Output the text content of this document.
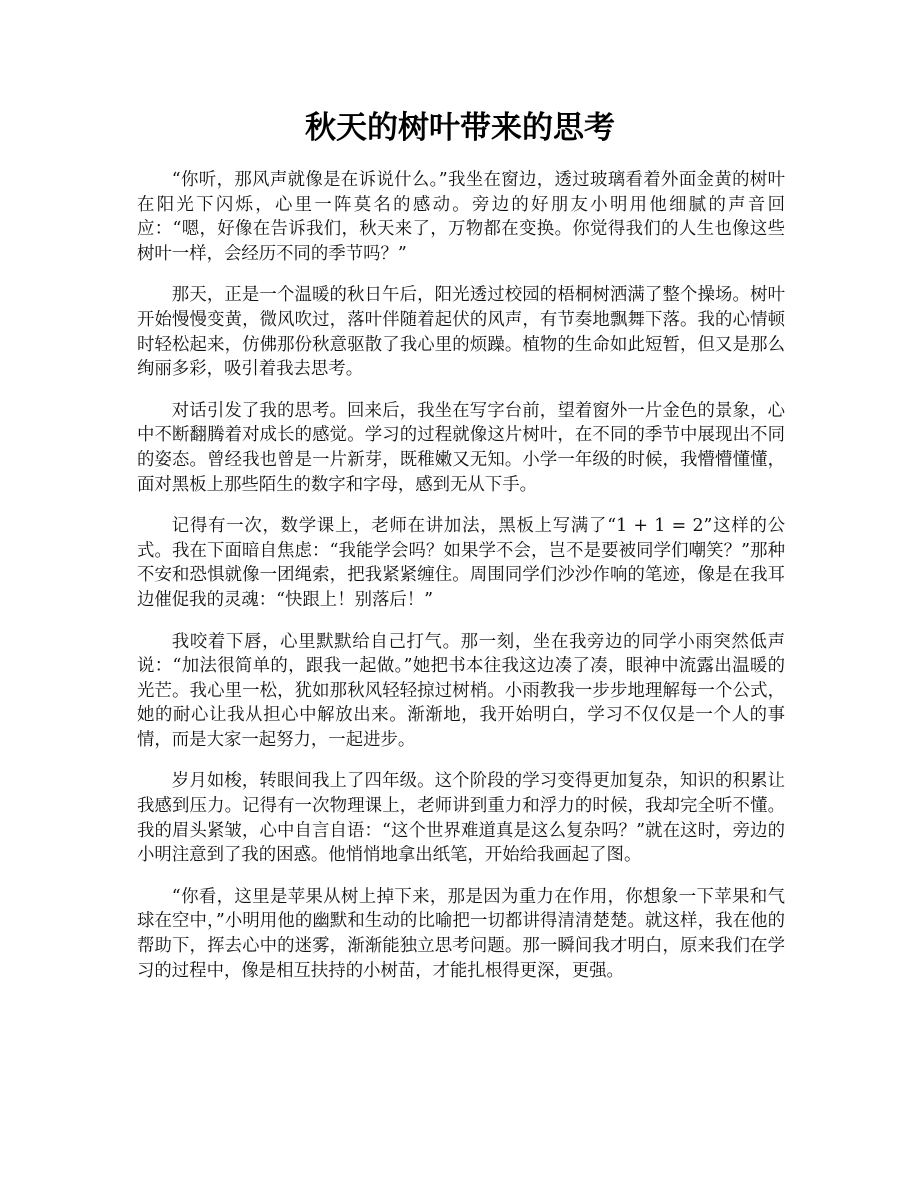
秋天的树叶带来的思考

“你听，那风声就像是在诉说什么。”我坐在窗边，透过玻璃看着外面金黄的树叶在阳光下闪烁，心里一阵莫名的感动。旁边的好朋友小明用他细腻的声音回应：“嗯，好像在告诉我们，秋天来了，万物都在变换。你觉得我们的人生也像这些树叶一样，会经历不同的季节吗？”

那天，正是一个温暖的秋日午后，阳光透过校园的梧桐树洒满了整个操场。树叶开始慢慢变黄，微风吹过，落叶伴随着起伏的风声，有节奏地飘舞下落。我的心情顿时轻松起来，仿佛那份秋意驱散了我心里的烦躁。植物的生命如此短暂，但又是那么绚丽多彩，吸引着我去思考。

对话引发了我的思考。回来后，我坐在写字台前，望着窗外一片金色的景象，心中不断翻腾着对成长的感觉。学习的过程就像这片树叶，在不同的季节中展现出不同的姿态。曾经我也曾是一片新芽，既稚嫩又无知。小学一年级的时候，我懵懵懂懂，面对黑板上那些陌生的数字和字母，感到无从下手。

记得有一次，数学课上，老师在讲加法，黑板上写满了“1 + 1 = 2”这样的公式。我在下面暗自焦虑：“我能学会吗？如果学不会，岂不是要被同学们嘲笑？”那种不安和恐惧就像一团绳索，把我紧紧缠住。周围同学们沙沙作响的笔迹，像是在我耳边催促我的灵魂：“快跟上！别落后！”

我咬着下唇，心里默默给自己打气。那一刻，坐在我旁边的同学小雨突然低声说：“加法很简单的，跟我一起做。”她把书本往我这边凑了凑，眼神中流露出温暖的光芒。我心里一松，犹如那秋风轻轻掠过树梢。小雨教我一步步地理解每一个公式，她的耐心让我从担心中解放出来。渐渐地，我开始明白，学习不仅仅是一个人的事情，而是大家一起努力，一起进步。

岁月如梭，转眼间我上了四年级。这个阶段的学习变得更加复杂，知识的积累让我感到压力。记得有一次物理课上，老师讲到重力和浮力的时候，我却完全听不懂。我的眉头紧皱，心中自言自语：“这个世界难道真是这么复杂吗？”就在这时，旁边的小明注意到了我的困惑。他悄悄地拿出纸笔，开始给我画起了图。

“你看，这里是苹果从树上掉下来，那是因为重力在作用，你想象一下苹果和气球在空中，”小明用他的幽默和生动的比喻把一切都讲得清清楚楚。就这样，我在他的帮助下，挥去心中的迷雾，渐渐能独立思考问题。那一瞬间我才明白，原来我们在学习的过程中，像是相互扶持的小树苗，才能扎根得更深，更强。
